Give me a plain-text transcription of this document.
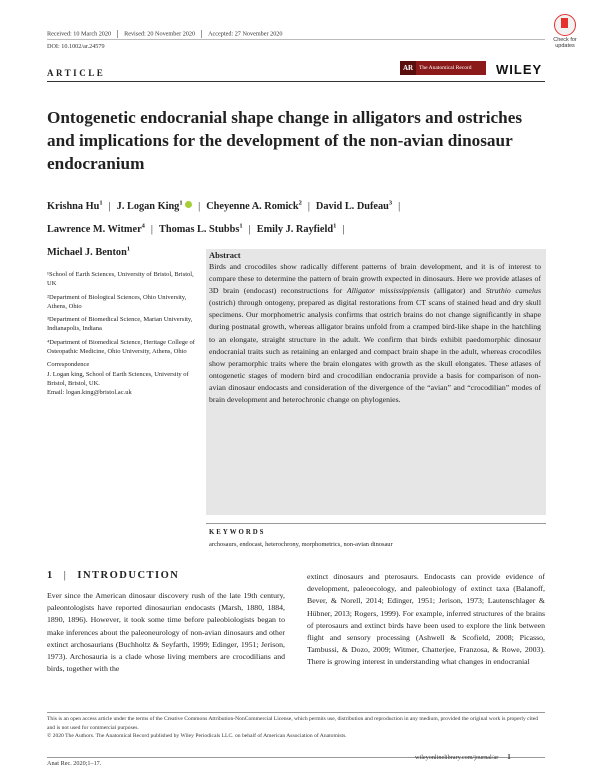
Received: 10 March 2020 Revised: 20 November 2020 Accepted: 27 November 2020
DOI: 10.1002/ar.24579
Check for updates
ARTICLE	AR	The Anatomical Record WILEY
Ontogenetic endocranial shape change in alligators and ostriches and implications for the development of the non-avian dinosaur endocranium
Krishna Hu$^1$ | J. Logan King$^1$ | Cheyenne A. Romick$^2$ | David L. Dufeau$^3$ |
Lawrence M. Witmer$^4$ | Thomas L. Stubbs$^1$ | Emily J. Rayfield$^1$ |
Michael J. Benton$^1$

¹School of Earth Sciences, University of Bristol, Bristol, UK

²Department of Biological Sciences, Ohio University, Athens, Ohio

³Department of Biomedical Science, Marian University, Indianapolis, Indiana

⁴Department of Biomedical Science, Heritage College of Osteopathic Medicine, Ohio University, Athens, Ohio

Correspondence

J. Logan king, School of Earth Sciences, University of Bristol, Bristol, UK.

Email: logan.king@bristol.ac.uk

Abstract
Birds and crocodiles show radically different patterns of brain development, and it is of interest to compare these to determine the pattern of brain growth expected in dinosaurs. Here we provide atlases of 3D brain (endocast) reconstructions for Alligator mississippiensis (alligator) and Struthio camelus (ostrich) through ontogeny, prepared as digital restorations from CT scans of stained head and dry skull specimens. Our morphometric analysis confirms that ostrich brains do not change significantly in shape during postnatal growth, whereas alligator brains unfold from a cramped bird-like shape in the hatchling to an elongate, straight structure in the adult. We confirm that birds exhibit paedomorphic dinosaur endocranial traits such as retaining an enlarged and compact brain shape in the adult, whereas crocodiles show peramorphic traits where the brain elongates with growth as the skull elongates. These atlases of ontogenetic stages of modern bird and crocodilian endocrania provide a basis for comparison of non-avian dinosaur endocasts and consideration of the divergence of the “avian” and “crocodilian” modes of brain development and heterochronic change on phylogenies.
KEYWORDS
archosaurs, endocast, heterochrony, morphometrics, non-avian dinosaur
1 | INTRODUCTION
Ever since the American dinosaur discovery rush of the late 19th century, paleontologists have reported dinosaurian endocasts (Marsh, 1880, 1884, 1890, 1896). However, it took some time before paleobiologists began to make inferences about the paleoneurology of non-avian dinosaurs and other extinct archosaurians (Buchholtz & Seyfarth, 1999; Edinger, 1951; Jerison, 1973). Archosauria is a clade whose living members are crocodilians and birds, together with the
extinct dinosaurs and pterosaurs. Endocasts can provide evidence of development, paleoecology, and paleobiology of extinct taxa (Balanoff, Bever, & Norell, 2014; Edinger, 1951; Jerison, 1973; Lautenschlager & Hübner, 2013; Rogers, 1999). For example, inferred structures of the brains of pterosaurs and extinct birds have been used to explore the link between flight and sensory processing (Ashwell & Scofield, 2008; Picasso, Tambussi, & Dozo, 2009; Witmer, Chatterjee, Franzosa, & Rowe, 2003). There is growing interest in understanding what changes in endocranial
This is an open access article under the terms of the Creative Commons Attribution-NonCommercial License, which permits use, distribution and reproduction in any medium, provided the original work is properly cited and is not used for commercial purposes.
© 2020 The Authors. The Anatomical Record published by Wiley Periodicals LLC. on behalf of American Association of Anatomists.
Anat Rec. 2020;1–17.
wileyonlinelibrary.com/journal/ar 1
